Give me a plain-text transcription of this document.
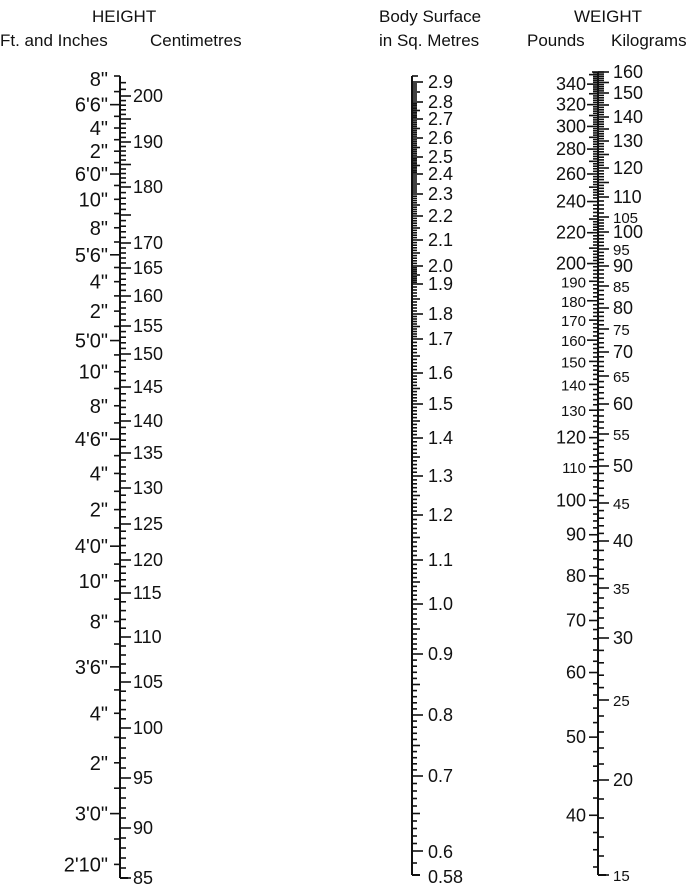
HEIGHT
Ft. and Inches Centimetres
Body Surface
in Sq. Metres
WEIGHT
Pounds Kilograms
200
190
180
170
165
160
155
150
145
140
135
130
125
120
115
110
105
100
95
90
85
8"
6'6"
4"
2"
6'0"
10"
8"
5'6"
4"
2"
5'0"
10"
8"
4'6"
4"
2"
4'0"
10"
8"
3'6"
4"
2"
3'0"
2'10"
2.9
2.8
2.7
2.6
2.5
2.4
2.3
2.2
2.1
2.0
1.9
1.8
1.7
1.6
1.5
1.4
1.3
1.2
1.1
1.0
0.9
0.8
0.7
0.6
0.58
160
150
140
130
120
110
105
100
95
90
85
80
75
70
65
60
55
50
45
40
35
30
25
20
15
340
320
300
280
260
240
220
200
190
180
170
160
150
140
130
120
110
100
90
80
70
60
50
40
